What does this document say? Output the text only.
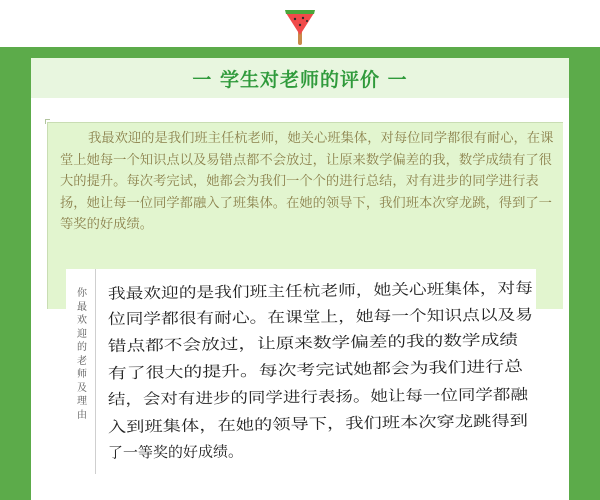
一 学生对老师的评价 一

我最欢迎的是我们班主任杭老师，她关心班集体，对每位同学都很有耐心，在课堂上她每一个知识点以及易错点都不会放过，让原来数学偏差的我，数学成绩有了很大的提升。每次考完试，她都会为我们一个个的进行总结，对有进步的同学进行表扬，她让每一位同学都融入了班集体。在她的领导下，我们班本次穿龙跳，得到了一等奖的好成绩。

你最欢迎的老师及理由
我最欢迎的是我们班主任杭老师，她关心班集体，对每
位同学都很有耐心。在课堂上，她每一个知识点以及易
错点都不会放过，让原来数学偏差的我的数学成绩
有了很大的提升。每次考完试她都会为我们进行总
结，会对有进步的同学进行表扬。她让每一位同学都融
入到班集体，在她的领导下，我们班本次穿龙跳得到
了一等奖的好成绩。
